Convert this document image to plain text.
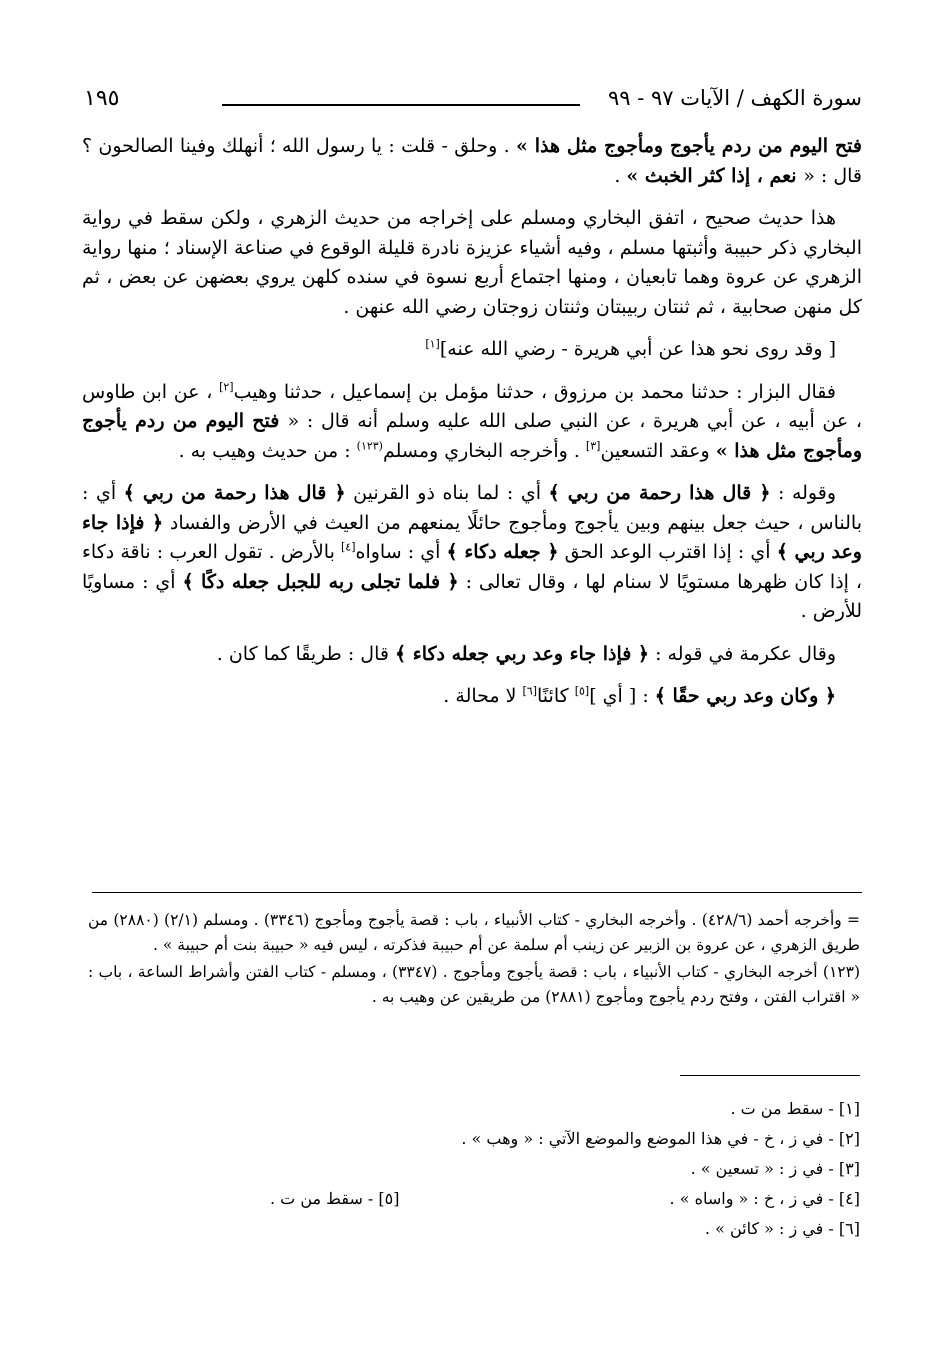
١٩٥	سورة الكهف / الآيات ٩٧ - ٩٩

فتح اليوم من ردم يأجوج ومأجوج مثل هذا » . وحلق - قلت : يا رسول الله ؛ أنهلك وفينا الصالحون ؟ قال : « نعم ، إذا كثر الخبث » .

هذا حديث صحيح ، اتفق البخاري ومسلم على إخراجه من حديث الزهري ، ولكن سقط في رواية البخاري ذكر حبيبة وأثبتها مسلم ، وفيه أشياء عزيزة نادرة قليلة الوقوع في صناعة الإسناد ؛ منها رواية الزهري عن عروة وهما تابعيان ، ومنها اجتماع أربع نسوة في سنده كلهن يروي بعضهن عن بعض ، ثم كل منهن صحابية ، ثم ثنتان ربيبتان وثنتان زوجتان رضي الله عنهن .

[ وقد روى نحو هذا عن أبي هريرة - رضي الله عنه][١]

فقال البزار : حدثنا محمد بن مرزوق ، حدثنا مؤمل بن إسماعيل ، حدثنا وهيب[٢] ، عن ابن طاوس ، عن أبيه ، عن أبي هريرة ، عن النبي صلى الله عليه وسلم أنه قال : « فتح اليوم من ردم يأجوج ومأجوج مثل هذا » وعقد التسعين[٣] . وأخرجه البخاري ومسلم$^{(١٢٣)}$ : من حديث وهيب به .

وقوله : ﴿ قال هذا رحمة من ربي ﴾ أي : لما بناه ذو القرنين ﴿ قال هذا رحمة من ربي ﴾ أي : بالناس ، حيث جعل بينهم وبين يأجوج ومأجوج حائلًا يمنعهم من العيث في الأرض والفساد ﴿ فإذا جاء وعد ربي ﴾ أي : إذا اقترب الوعد الحق ﴿ جعله دكاء ﴾ أي : ساواه[٤] بالأرض . تقول العرب : ناقة دكاء ، إذا كان ظهرها مستويًا لا سنام لها ، وقال تعالى : ﴿ فلما تجلى ربه للجبل جعله دكًا ﴾ أي : مساويًا للأرض .

وقال عكرمة في قوله : ﴿ فإذا جاء وعد ربي جعله دكاء ﴾ قال : طريقًا كما كان .

﴿ وكان وعد ربي حقًا ﴾ : [ أي ][٥] كائنًا[٦] لا محالة .

= وأخرجه أحمد (٤٢٨/٦) . وأخرجه البخاري - كتاب الأنبياء ، باب : قصة يأجوج ومأجوج (٣٣٤٦) . ومسلم (٢/١) (٢٨٨٠) من طريق الزهري ، عن عروة بن الزبير عن زينب أم سلمة عن أم حبيبة فذكرته ، ليس فيه « حبيبة بنت أم حبيبة » .

(١٢٣) أخرجه البخاري - كتاب الأنبياء ، باب : قصة يأجوج ومأجوج . (٣٣٤٧) ، ومسلم - كتاب الفتن وأشراط الساعة ، باب : « اقتراب الفتن ، وفتح ردم يأجوج ومأجوج (٢٨٨١) من طريقين عن وهيب به .

[١] - سقط من ت .
[٢] - في ز ، خ - في هذا الموضع والموضع الآتي : « وهب » .
[٣] - في ز : « تسعين » .
[٤] - في ز ، خ : « واساه » .
[٥] - سقط من ت .
[٦] - في ز : « كائن » .
